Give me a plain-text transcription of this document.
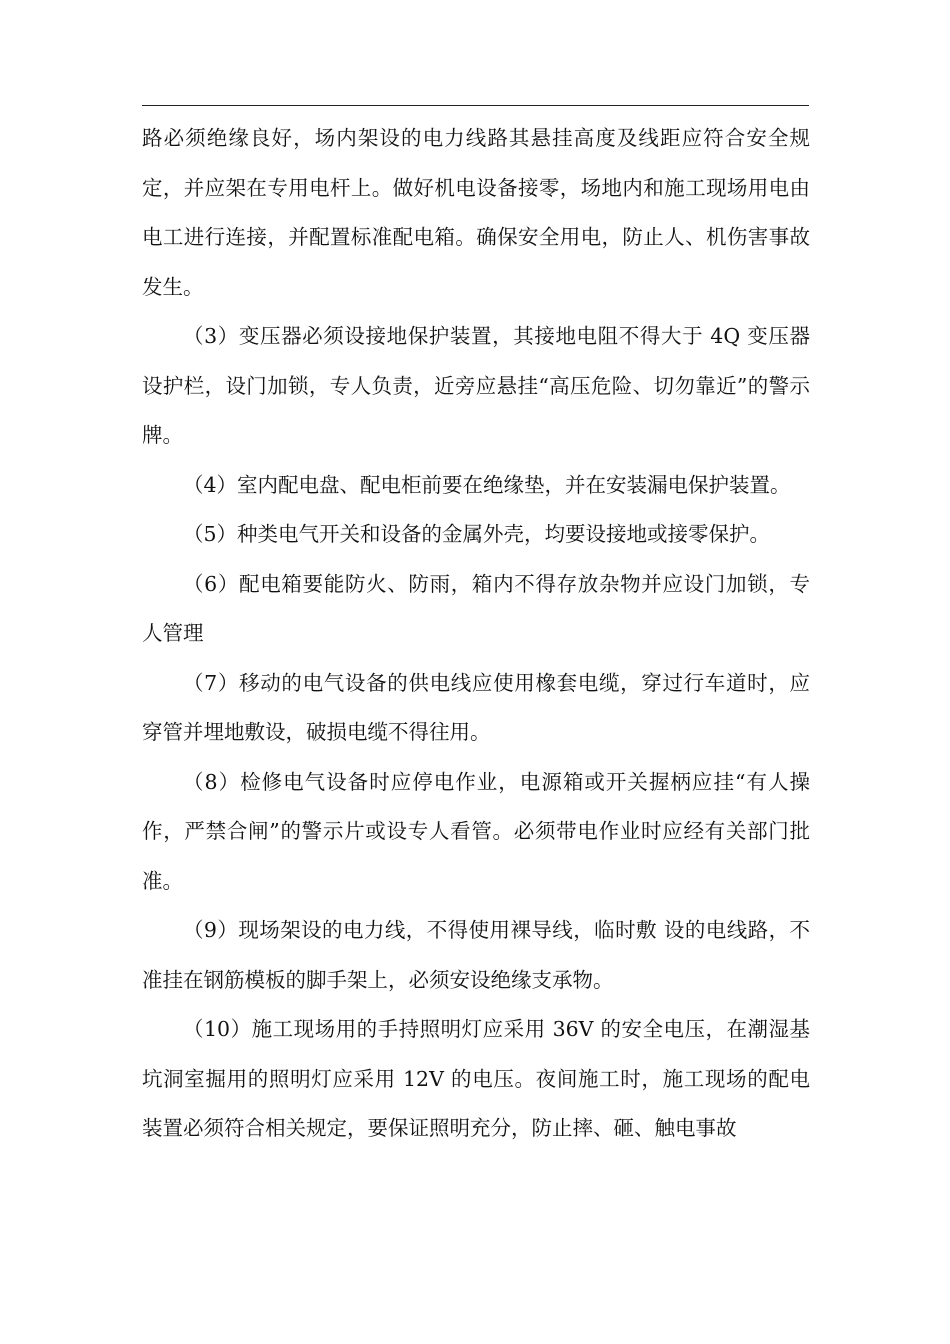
路必须绝缘良好，场内架设的电力线路其悬挂高度及线距应符合安全规定，并应架在专用电杆上。做好机电设备接零，场地内和施工现场用电由电工进行连接，并配置标准配电箱。确保安全用电，防止人、机伤害事故发生。

（3）变压器必须设接地保护装置，其接地电阻不得大于 4Q 变压器设护栏，设门加锁，专人负责，近旁应悬挂“高压危险、切勿靠近”的警示牌。

（4）室内配电盘、配电柜前要在绝缘垫，并在安装漏电保护装置。

（5）种类电气开关和设备的金属外壳，均要设接地或接零保护。

（6）配电箱要能防火、防雨，箱内不得存放杂物并应设门加锁，专人管理

（7）移动的电气设备的供电线应使用橡套电缆，穿过行车道时，应穿管并埋地敷设，破损电缆不得往用。

（8）检修电气设备时应停电作业，电源箱或开关握柄应挂“有人操作，严禁合闸”的警示片或设专人看管。必须带电作业时应经有关部门批准。

（9）现场架设的电力线，不得使用裸导线，临时敷 设的电线路，不准挂在钢筋模板的脚手架上，必须安设绝缘支承物。

（10）施工现场用的手持照明灯应采用 36V 的安全电压，在潮湿基坑洞室掘用的照明灯应采用 12V 的电压。夜间施工时，施工现场的配电装置必须符合相关规定，要保证照明充分，防止摔、砸、触电事故
